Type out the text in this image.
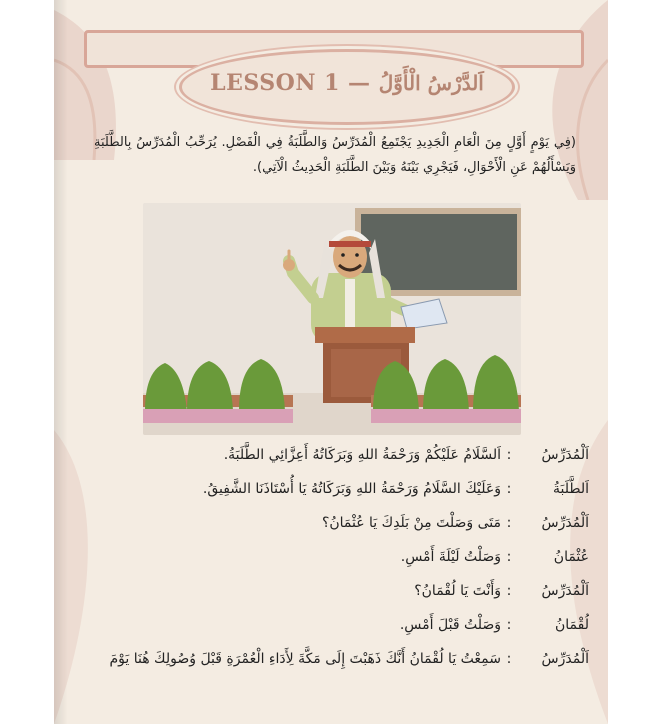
LESSON 1 — اَلدَّرْسُ الْأَوَّلُ
(فِي يَوْمٍ أَوَّلٍ مِنَ الْعَامِ الْجَدِيدِ يَجْتَمِعُ الْمُدَرِّسُ وَالطَّلَبَةُ فِي الْفَصْلِ. يُرَحِّبُ الْمُدَرِّسُ بِالطَّلَبَةِ وَيَسْأَلُهُمْ عَنِ الْأَحْوَالِ، فَيَجْرِي بَيْنَهُ وَبَيْنَ الطَّلَبَةِ الْحَدِيثُ الْآتِي).
اَلْمُدَرِّسُ
:
اَلسَّلَامُ عَلَيْكُمْ وَرَحْمَةُ اللهِ وَبَرَكَاتُهُ أَعِزَّائِي الطَّلَبَةُ.
اَلطَّلَبَةُ
:
وَعَلَيْكَ السَّلَامُ وَرَحْمَةُ اللهِ وَبَرَكَاتُهُ يَا أُسْتَاذَنَا الشَّفِيقُ.
اَلْمُدَرِّسُ
:
مَتَى وَصَلْتَ مِنْ بَلَدِكَ يَا عُثْمَانُ؟
عُثْمَانُ
:
وَصَلْتُ لَيْلَةَ أَمْسِ.
اَلْمُدَرِّسُ
:
وَأَنْتَ يَا لُقْمَانُ؟
لُقْمَانُ
:
وَصَلْتُ قَبْلَ أَمْسِ.
اَلْمُدَرِّسُ
:
سَمِعْتُ يَا لُقْمَانُ أَنَّكَ ذَهَبْتَ إِلَى مَكَّةَ لِأَدَاءِ الْعُمْرَةِ قَبْلَ وُصُولِكَ هُنَا يَوْمَ
